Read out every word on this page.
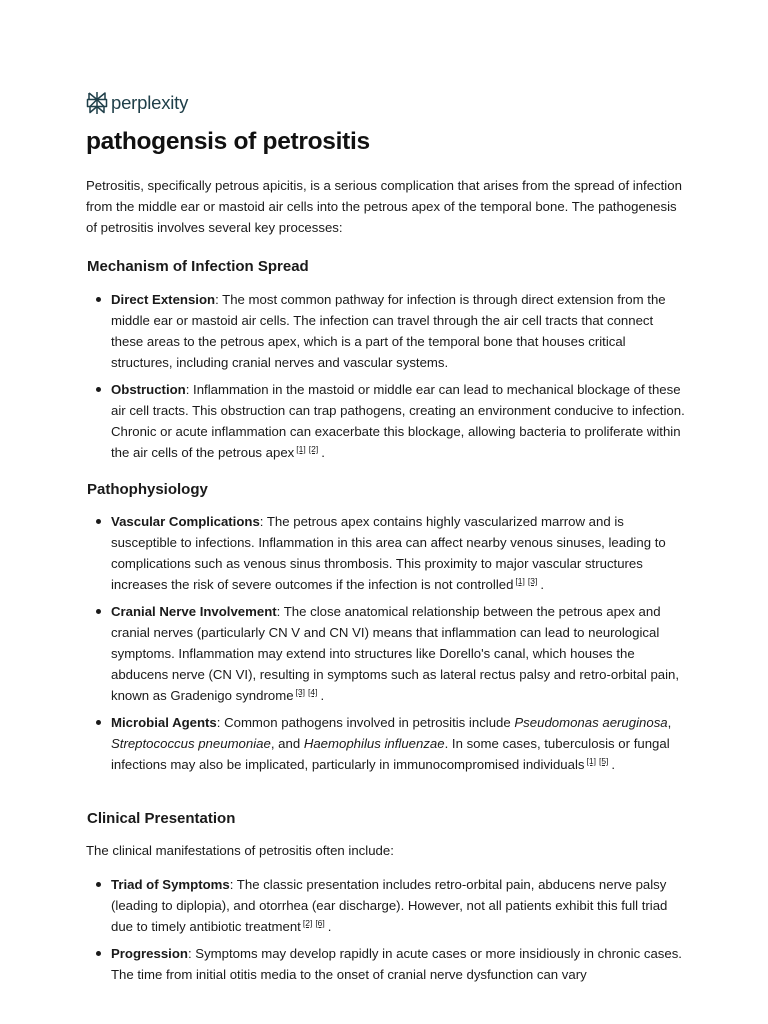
perplexity
pathogensis of petrositis

Petrositis, specifically petrous apicitis, is a serious complication that arises from the spread of infection from the middle ear or mastoid air cells into the petrous apex of the temporal bone. The pathogenesis of petrositis involves several key processes:

Mechanism of Infection Spread
Direct Extension: The most common pathway for infection is through direct extension from the middle ear or mastoid air cells. The infection can travel through the air cell tracts that connect these areas to the petrous apex, which is a part of the temporal bone that houses critical structures, including cranial nerves and vascular systems.
Obstruction: Inflammation in the mastoid or middle ear can lead to mechanical blockage of these air cell tracts. This obstruction can trap pathogens, creating an environment conducive to infection. Chronic or acute inflammation can exacerbate this blockage, allowing bacteria to proliferate within the air cells of the petrous apex [1] [2] .
Pathophysiology
Vascular Complications: The petrous apex contains highly vascularized marrow and is susceptible to infections. Inflammation in this area can affect nearby venous sinuses, leading to complications such as venous sinus thrombosis. This proximity to major vascular structures increases the risk of severe outcomes if the infection is not controlled [1] [3] .
Cranial Nerve Involvement: The close anatomical relationship between the petrous apex and cranial nerves (particularly CN V and CN VI) means that inflammation can lead to neurological symptoms. Inflammation may extend into structures like Dorello's canal, which houses the abducens nerve (CN VI), resulting in symptoms such as lateral rectus palsy and retro-orbital pain, known as Gradenigo syndrome [3] [4] .
Microbial Agents: Common pathogens involved in petrositis include Pseudomonas aeruginosa, Streptococcus pneumoniae, and Haemophilus influenzae. In some cases, tuberculosis or fungal infections may also be implicated, particularly in immunocompromised individuals [1] [5] .
Clinical Presentation

The clinical manifestations of petrositis often include:

Triad of Symptoms: The classic presentation includes retro-orbital pain, abducens nerve palsy (leading to diplopia), and otorrhea (ear discharge). However, not all patients exhibit this full triad due to timely antibiotic treatment [2] [6] .
Progression: Symptoms may develop rapidly in acute cases or more insidiously in chronic cases. The time from initial otitis media to the onset of cranial nerve dysfunction can vary
